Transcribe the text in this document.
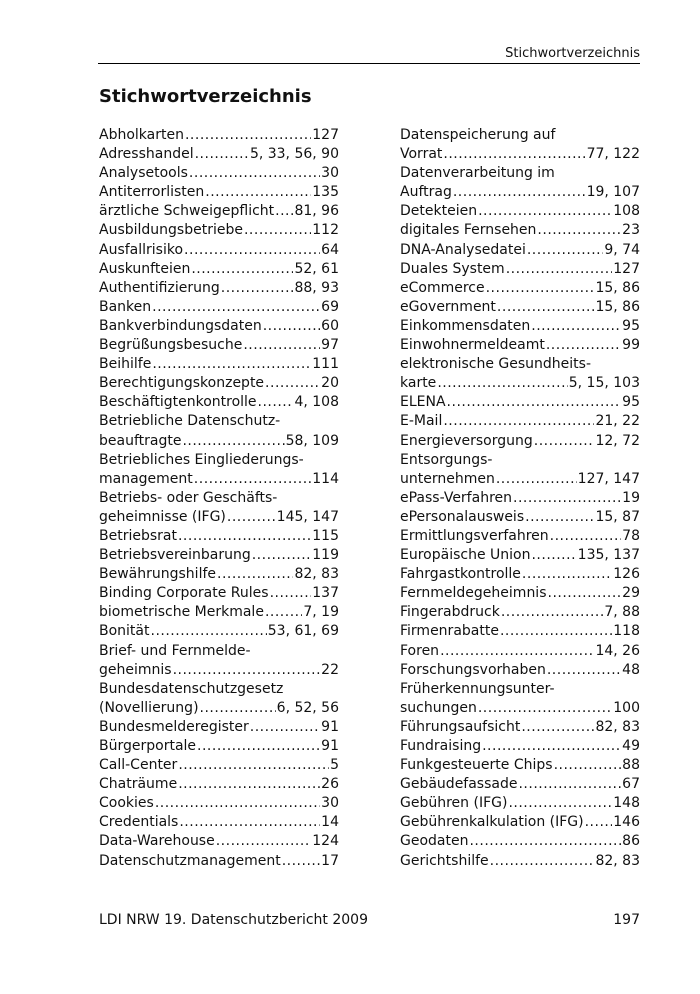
Stichwortverzeichnis
Stichwortverzeichnis
Abholkarten .....	127
Adresshandel .....	5, 33, 56, 90
Analysetools .....	30
Antiterrorlisten .....	135
ärztliche Schweigepflicht ..... 81, 96
Ausbildungsbetriebe .....	112
Ausfallrisiko .....	64
Auskunfteien .....	52, 61
Authentifizierung .....	88, 93
Banken .....	69
Bankverbindungsdaten .....	60
Begrüßungsbesuche .....	97
Beihilfe .....	111
Berechtigungskonzepte .....	20
Beschäftigtenkontrolle .....	4, 108
Betriebliche Datenschutz-
beauftragte .....	58, 109
Betriebliches Eingliederungs-
management .....	114
Betriebs- oder Geschäfts-
geheimnisse (IFG) .....	145, 147
Betriebsrat .....	115
Betriebsvereinbarung .....	119
Bewährungshilfe .....	82, 83
Binding Corporate Rules .....	137
biometrische Merkmale .....	7, 19
Bonität .....	53, 61, 69
Brief- und Fernmelde-
geheimnis .....	22
Bundesdatenschutzgesetz
(Novellierung) .....	6, 52, 56
Bundesmelderegister .....	91
Bürgerportale .....	91
Call-Center .....	5
Chaträume .....	26
Cookies .....	30
Credentials .....	14
Data-Warehouse .....	124
Datenschutzmanagement .....	17
Datenspeicherung auf
Vorrat .....	77, 122
Datenverarbeitung im
Auftrag .....	19, 107
Detekteien .....	108
digitales Fernsehen .....	23
DNA-Analysedatei .....	9, 74
Duales System .....	127
eCommerce .....	15, 86
eGovernment .....	15, 86
Einkommensdaten .....	95
Einwohnermeldeamt .....	99
elektronische Gesundheits-
karte .....	5, 15, 103
ELENA .....	95
E-Mail .....	21, 22
Energieversorgung .....	12, 72
Entsorgungs-
unternehmen .....	127, 147
ePass-Verfahren .....	19
ePersonalausweis .....	15, 87
Ermittlungsverfahren .....	78
Europäische Union .....	135, 137
Fahrgastkontrolle .....	126
Fernmeldegeheimnis .....	29
Fingerabdruck .....	7, 88
Firmenrabatte .....	118
Foren .....	14, 26
Forschungsvorhaben .....	48
Früherkennungsunter-
suchungen .....	100
Führungsaufsicht .....	82, 83
Fundraising .....	49
Funkgesteuerte Chips .....	88
Gebäudefassade .....	67
Gebühren (IFG) .....	148
Gebührenkalkulation (IFG) ..... 146
Geodaten .....	86
Gerichtshilfe .....	82, 83
LDI NRW 19. Datenschutzbericht 2009	197
